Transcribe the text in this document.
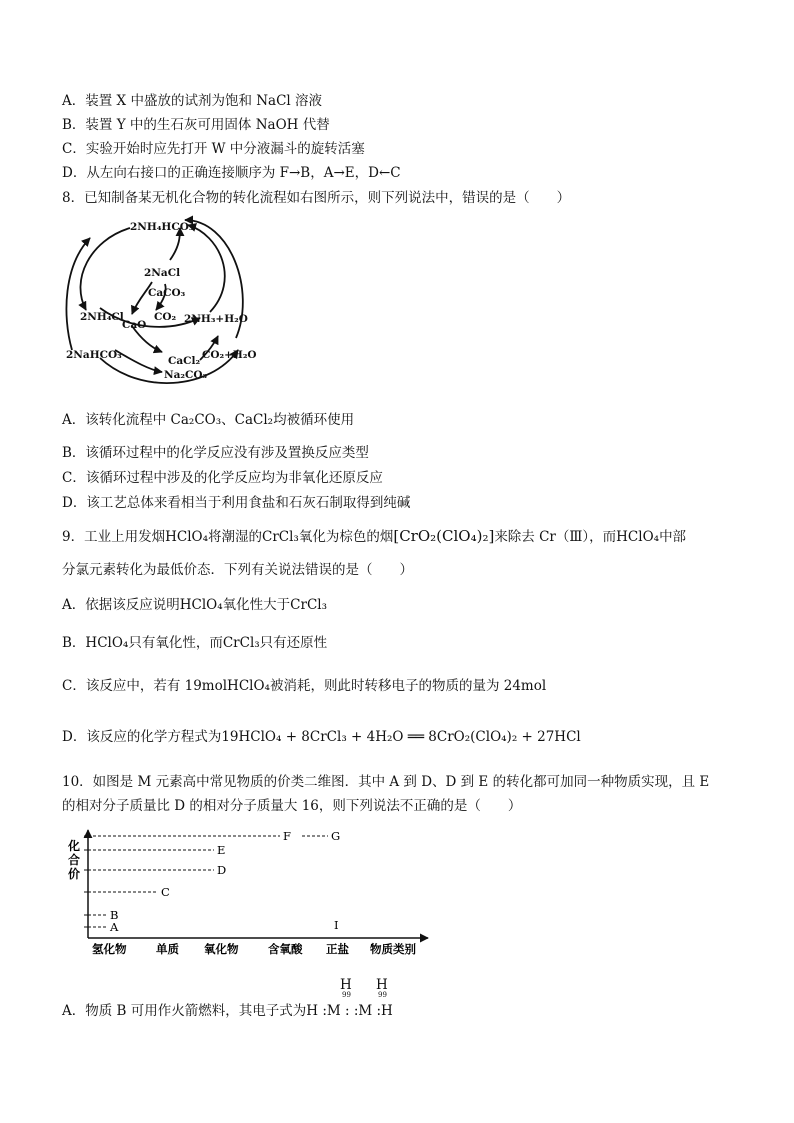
A．装置 X 中盛放的试剂为饱和 NaCl 溶液
B．装置 Y 中的生石灰可用固体 NaOH 代替
C．实验开始时应先打开 W 中分液漏斗的旋转活塞
D．从左向右接口的正确连接顺序为 F→B，A→E，D←C
8．已知制备某无机化合物的转化流程如右图所示，则下列说法中，错误的是（　　）
2NH₄HCO₃
2NaCl
CaCO₃
2NH₄Cl
CaO
CO₂ 2NH₃+H₂O
2NaHCO₃	CaCl₂
Na₂CO₃
CO₂+H₂O
A．该转化流程中 Ca₂CO₃、CaCl₂均被循环使用
B．该循环过程中的化学反应没有涉及置换反应类型
C．该循环过程中涉及的化学反应均为非氧化还原反应
D．该工艺总体来看相当于利用食盐和石灰石制取得到纯碱
9．工业上用发烟HClO₄将潮湿的CrCl₃氧化为棕色的烟[CrO₂(ClO₄)₂]来除去 Cr（Ⅲ），而HClO₄中部
分氯元素转化为最低价态．下列有关说法错误的是（　　）
A．依据该反应说明HClO₄氧化性大于CrCl₃
B．HClO₄只有氧化性，而CrCl₃只有还原性
C．该反应中，若有 19molHClO₄被消耗，则此时转移电子的物质的量为 24mol
D．该反应的化学方程式为19HClO₄ + 8CrCl₃ + 4H₂O ══ 8CrO₂(ClO₄)₂ + 27HCl
10．如图是 M 元素高中常见物质的价类二维图．其中 A 到 D、D 到 E 的转化都可加同一种物质实现，且 E
的相对分子质量比 D 的相对分子质量大 16，则下列说法不正确的是（　　）
化
合
价
F	G
E
D
C
B
A	I
氢化物	单质 氧化物	含氧酸 正盐 物质类别
H H
99	99
A．物质 B 可用作火箭燃料，其电子式为H :M : :M :H
